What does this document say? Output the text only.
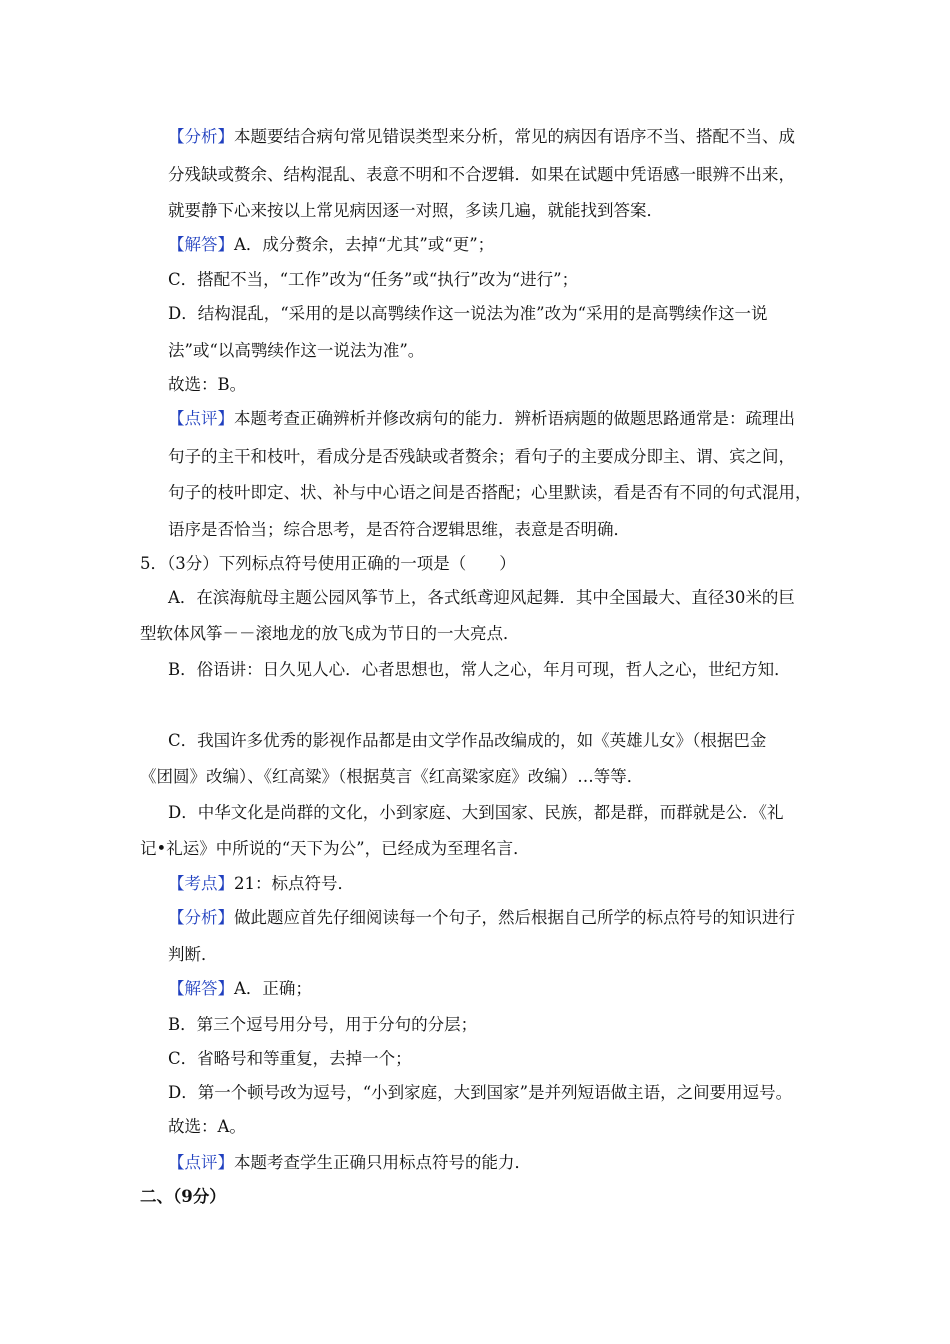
【分析】本题要结合病句常见错误类型来分析，常见的病因有语序不当、搭配不当、成
分残缺或赘余、结构混乱、表意不明和不合逻辑．如果在试题中凭语感一眼辨不出来，
就要静下心来按以上常见病因逐一对照，多读几遍，就能找到答案．
【解答】A．成分赘余，去掉“尤其”或“更”；
C．搭配不当，“工作”改为“任务”或“执行”改为“进行”；
D．结构混乱，“采用的是以高鹗续作这一说法为准”改为“采用的是高鹗续作这一说
法”或“以高鹗续作这一说法为准”。
故选：B。
【点评】本题考查正确辨析并修改病句的能力．辨析语病题的做题思路通常是：疏理出
句子的主干和枝叶，看成分是否残缺或者赘余；看句子的主要成分即主、谓、宾之间，
句子的枝叶即定、状、补与中心语之间是否搭配；心里默读，看是否有不同的句式混用，
语序是否恰当；综合思考，是否符合逻辑思维，表意是否明确．
5．（3分）下列标点符号使用正确的一项是（　　）
A．在滨海航母主题公园风筝节上，各式纸鸢迎风起舞．其中全国最大、直径30米的巨
型软体风筝－－滚地龙的放飞成为节日的一大亮点．
B．俗语讲：日久见人心．心者思想也，常人之心，年月可现，哲人之心，世纪方知．
C．我国许多优秀的影视作品都是由文学作品改编成的，如《英雄儿女》（根据巴金
《团圆》改编）、《红高粱》（根据莫言《红高粱家庭》改编）…等等．
D．中华文化是尚群的文化，小到家庭、大到国家、民族，都是群，而群就是公．《礼
记•礼运》中所说的“天下为公”，已经成为至理名言．
【考点】21：标点符号．
【分析】做此题应首先仔细阅读每一个句子，然后根据自己所学的标点符号的知识进行
判断．
【解答】A．正确；
B．第三个逗号用分号，用于分句的分层；
C．省略号和等重复，去掉一个；
D．第一个顿号改为逗号，“小到家庭，大到国家”是并列短语做主语，之间要用逗号。
故选：A。
【点评】本题考查学生正确只用标点符号的能力．
二、（9分）
